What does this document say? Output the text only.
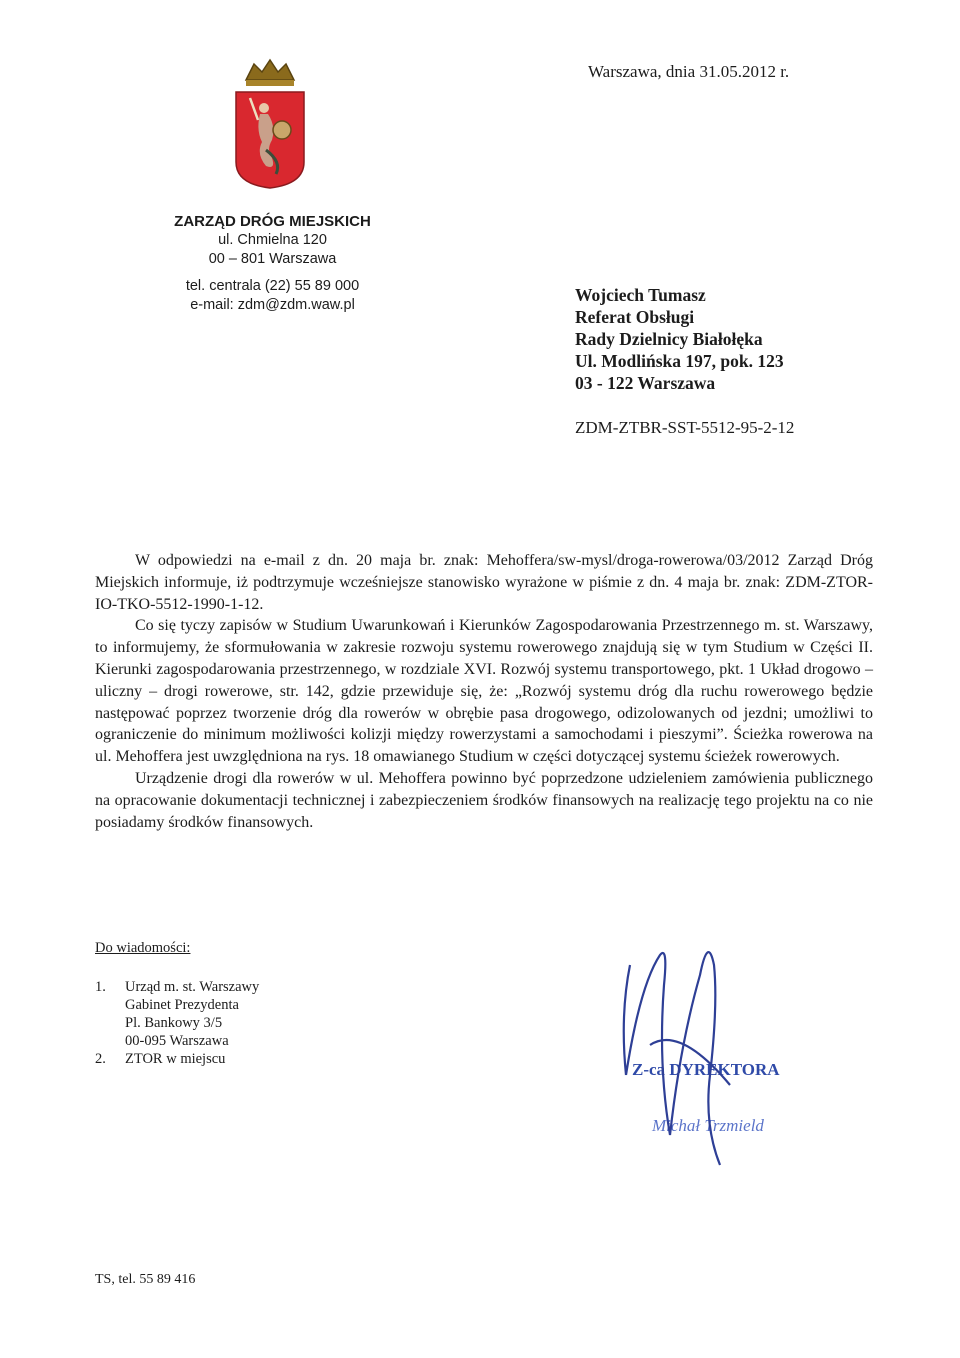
Warszawa, dnia 31.05.2012 r.
ZARZĄD DRÓG MIEJSKICH
ul. Chmielna 120
00 – 801 Warszawa
tel. centrala (22) 55 89 000
e-mail: zdm@zdm.waw.pl	Wojciech Tumasz
Referat Obsługi
Rady Dzielnicy Białołęka
Ul. Modlińska 197, pok. 123
03 - 122 Warszawa
ZDM-ZTBR-SST-5512-95-2-12

W odpowiedzi na e-mail z dn. 20 maja br. znak: Mehoffera/sw-mysl/droga-rowerowa/03/2012 Zarząd Dróg Miejskich informuje, iż podtrzymuje wcześniejsze stanowisko wyrażone w piśmie z dn. 4 maja br. znak: ZDM-ZTOR-IO-TKO-5512-1990-1-12.

Co się tyczy zapisów w Studium Uwarunkowań i Kierunków Zagospodarowania Przestrzennego m. st. Warszawy, to informujemy, że sformułowania w zakresie rozwoju systemu rowerowego znajdują się w tym Studium w Części II. Kierunki zagospodarowania przestrzennego, w rozdziale XVI. Rozwój systemu transportowego, pkt. 1 Układ drogowo – uliczny – drogi rowerowe, str. 142, gdzie przewiduje się, że: „Rozwój systemu dróg dla ruchu rowerowego będzie następować poprzez tworzenie dróg dla rowerów w obrębie pasa drogowego, odizolowanych od jezdni; umożliwi to ograniczenie do minimum możliwości kolizji między rowerzystami a samochodami i pieszymi”. Ścieżka rowerowa na ul. Mehoffera jest uwzględniona na rys. 18 omawianego Studium w części dotyczącej systemu ścieżek rowerowych.

Urządzenie drogi dla rowerów w ul. Mehoffera powinno być poprzedzone udzieleniem zamówienia publicznego na opracowanie dokumentacji technicznej i zabezpieczeniem środków finansowych na realizację tego projektu na co nie posiadamy środków finansowych.

Do wiadomości:
1.	Urząd m. st. Warszawy
Gabinet Prezydenta
Pl. Bankowy 3/5
00-095 Warszawa
2.	ZTOR w miejscu
Z-ca DYREKTORA
Michał Trzmield
TS, tel. 55 89 416
